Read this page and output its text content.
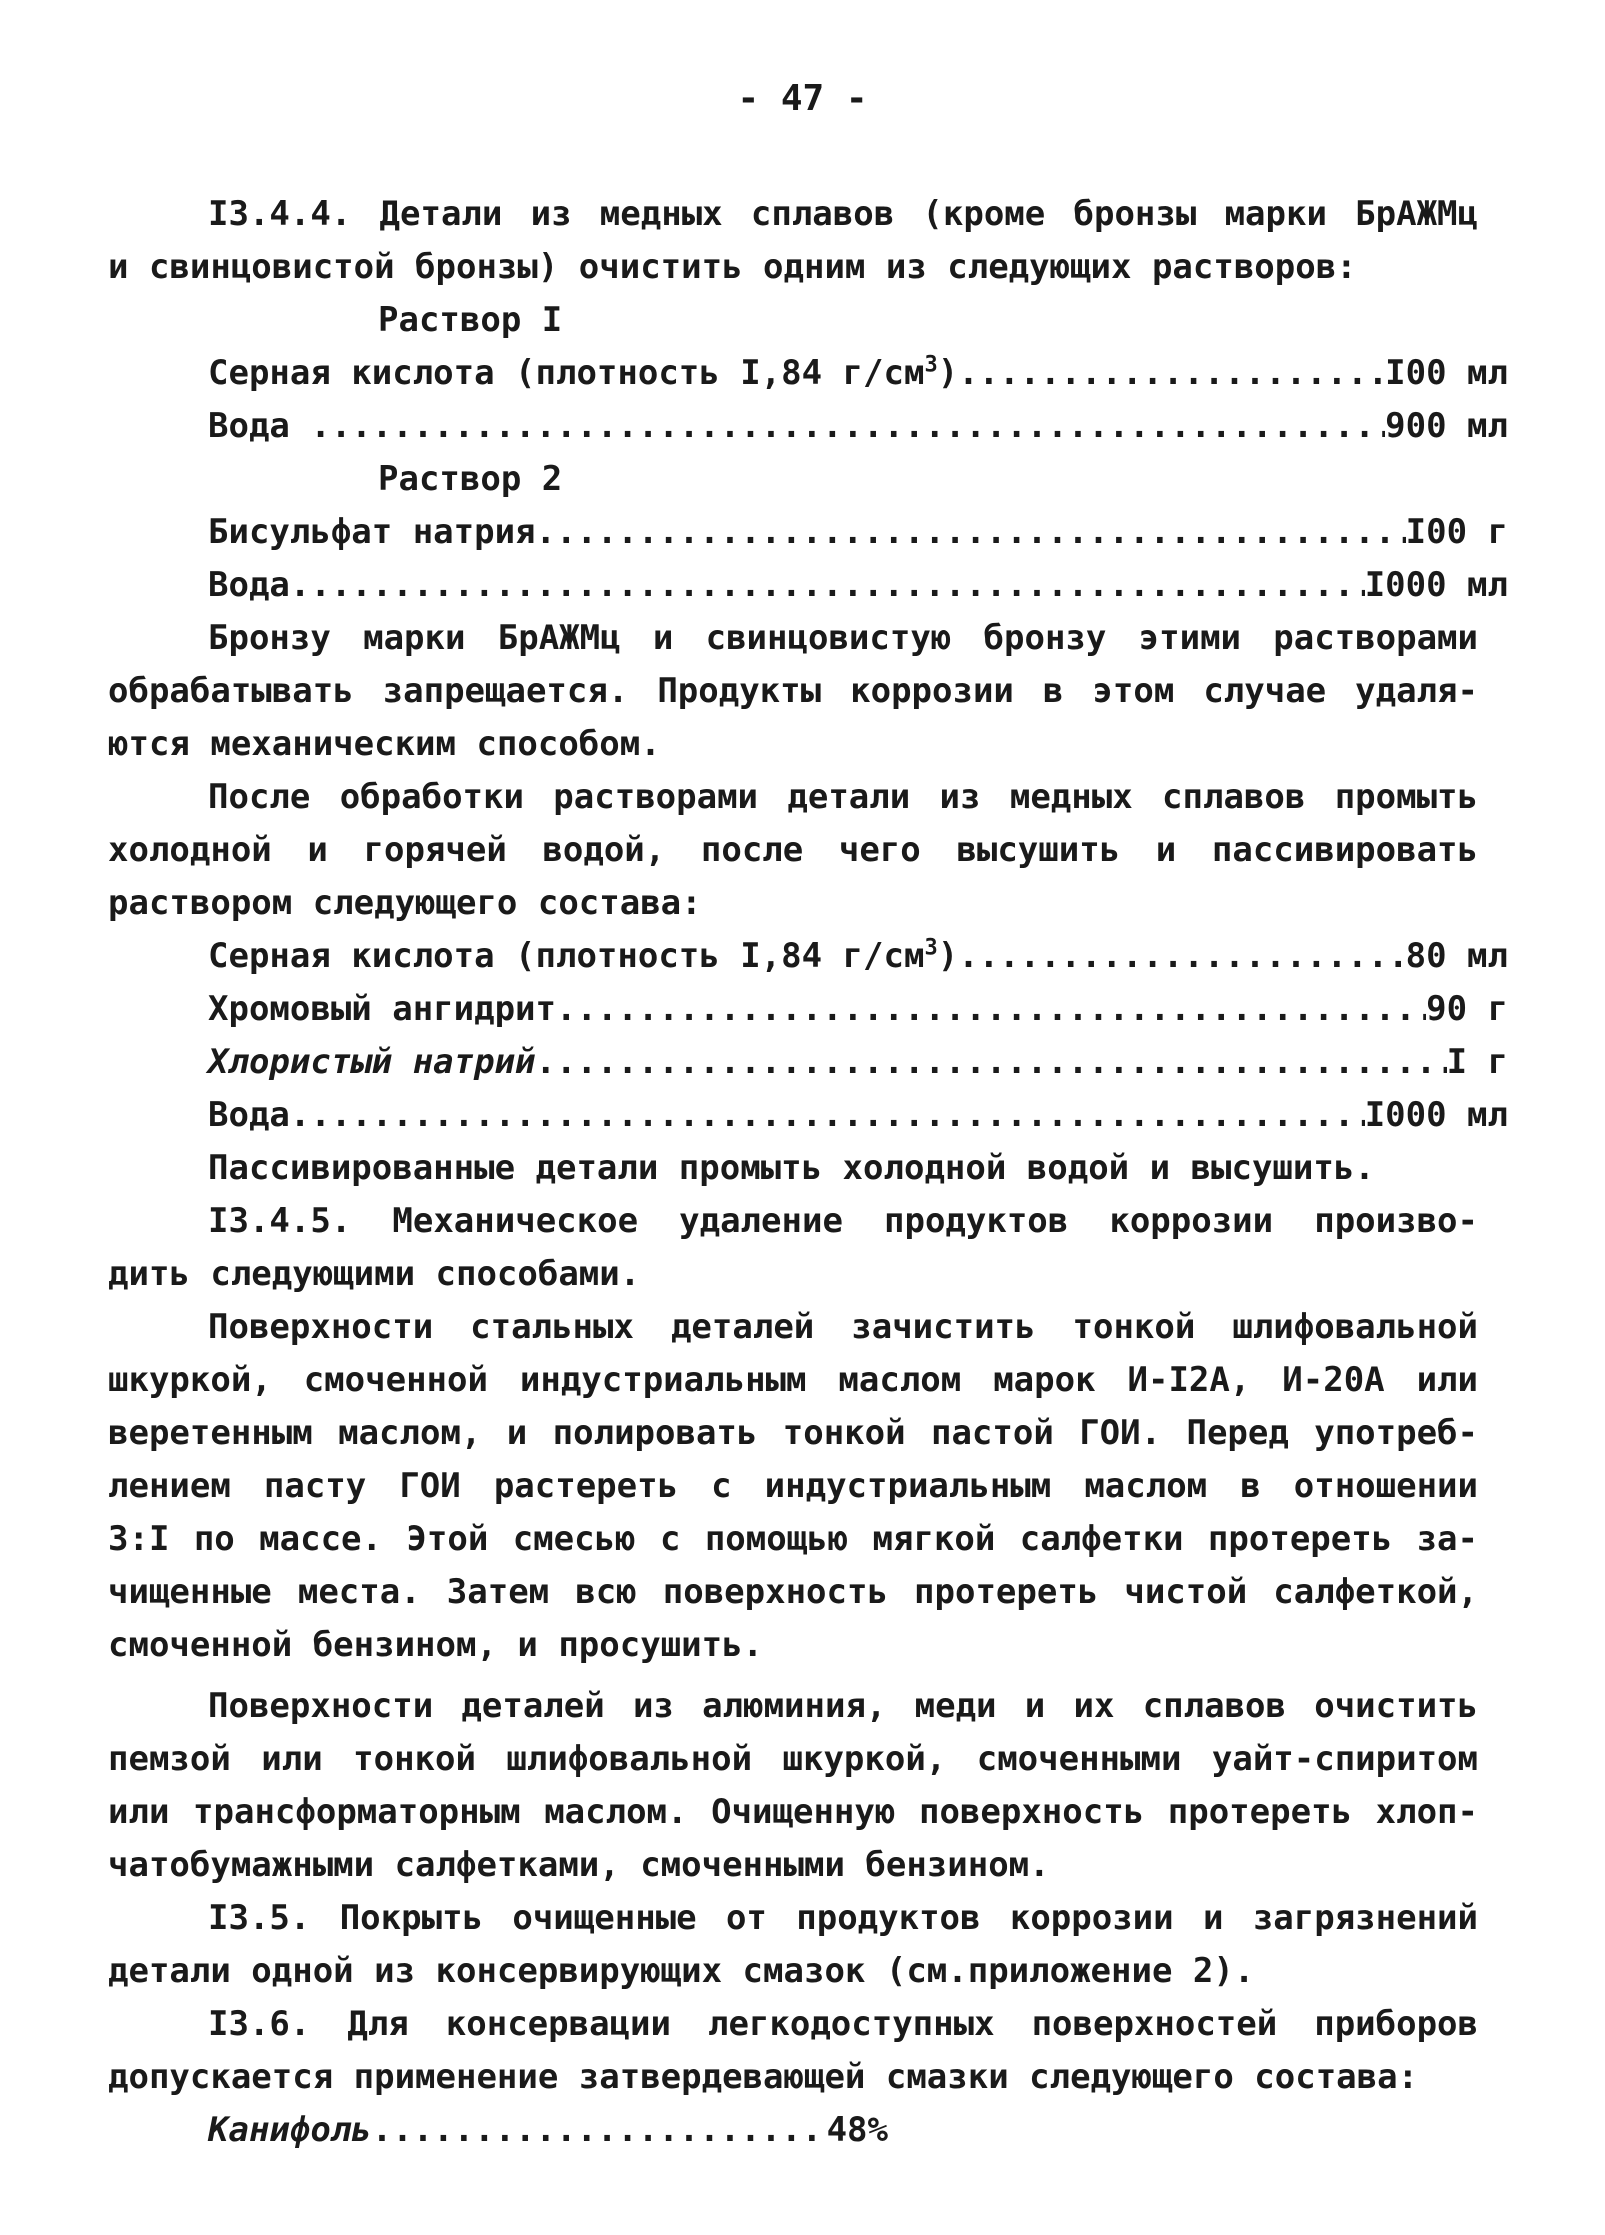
- 47 -
I3.4.4. Детали из медных сплавов (кроме бронзы марки БрАЖМц
и свинцовистой бронзы) очистить одним из следующих растворов:
Раствор I
Серная кислота (плотность I,84 $г/см^3$) .....	I00 мл
Вода .....	900 мл
Раствор 2
Бисульфат натрия .....	I00 г
Вода .....	I000 мл
Бронзу марки БрАЖМц и свинцовистую бронзу этими растворами
обрабатывать запрещается. Продукты коррозии в этом случае удаля-
ются механическим способом.
После обработки растворами детали из медных сплавов промыть
холодной и горячей водой, после чего высушить и пассивировать
раствором следующего состава:
Серная кислота (плотность I,84 $г/см^3$) .....	80 мл
Хромовый ангидрит .....	90 г
Хлористый натрий .....	I г
Вода .....	I000 мл
Пассивированные детали промыть холодной водой и высушить.
I3.4.5. Механическое удаление продуктов коррозии произво-
дить следующими способами.
Поверхности стальных деталей зачистить тонкой шлифовальной
шкуркой, смоченной индустриальным маслом марок И-I2А, И-20А или
веретенным маслом, и полировать тонкой пастой ГОИ. Перед употреб-
лением пасту ГОИ растереть с индустриальным маслом в отношении
3:I по массе. Этой смесью с помощью мягкой салфетки протереть за-
чищенные места. Затем всю поверхность протереть чистой салфеткой,
смоченной бензином, и просушить.
Поверхности деталей из алюминия, меди и их сплавов очистить
пемзой или тонкой шлифовальной шкуркой, смоченными уайт-спиритом
или трансформаторным маслом. Очищенную поверхность протереть хлоп-
чатобумажными салфетками, смоченными бензином.
I3.5. Покрыть очищенные от продуктов коррозии и загрязнений
детали одной из консервирующих смазок (см.приложение 2).
I3.6. Для консервации легкодоступных поверхностей приборов
допускается применение затвердевающей смазки следующего состава:
Канифоль .....	48%
